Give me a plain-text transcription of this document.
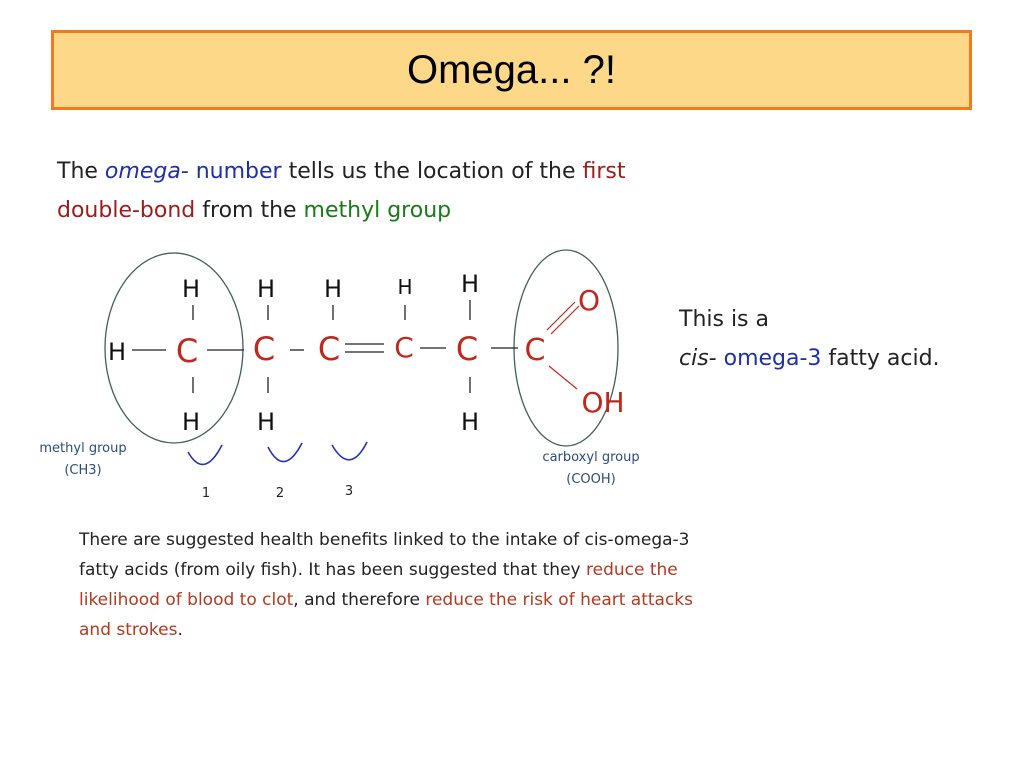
Omega... ?!
The omega- number tells us the location of the first
double-bond from the methyl group
C C C C C C
O
OH
H
H
H
H
H
H	H H
H
1	2	3
methyl group
(CH3)
carboxyl group
(COOH)
This is a
cis- omega-3 fatty acid.
There are suggested health benefits linked to the intake of cis-omega-3 fatty acids (from oily fish). It has been suggested that they reduce the likelihood of blood to clot, and therefore reduce the risk of heart attacks and strokes.
